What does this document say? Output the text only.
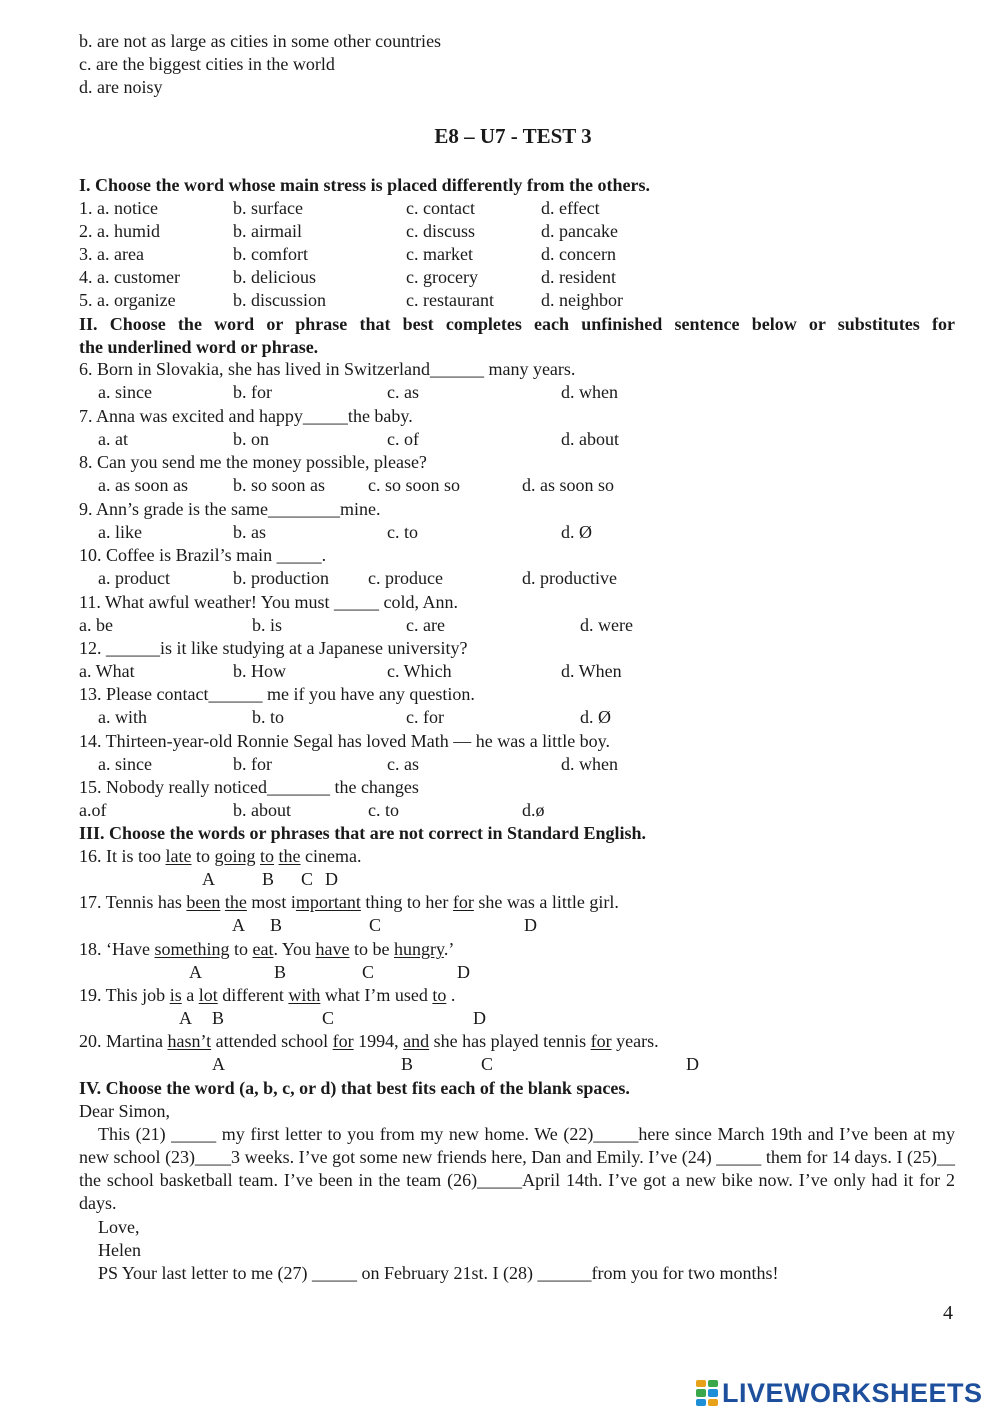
b. are not as large as cities in some other countries
c. are the biggest cities in the world
d. are noisy
E8 – U7 - TEST 3
I. Choose the word whose main stress is placed differently from the others.
1. a. notice	b. surface	c. contact	d. effect
2. a. humid	b. airmail	c. discuss	d. pancake
3. a. area	b. comfort	c. market	d. concern
4. a. customer	b. delicious	c. grocery	d. resident
5. a. organize	b. discussion	c. restaurant	d. neighbor
II. Choose the word or phrase that best completes each unfinished sentence below or substitutes for
the underlined word or phrase.
6. Born in Slovakia, she has lived in Switzerland______ many years.
a. since	b. for	c. as	d. when
7. Anna was excited and happy_____the baby.
a. at	b. on	c. of	d. about
8. Can you send me the money possible, please?
a. as soon as	b. so soon as c. so soon so	d. as soon so
9. Ann’s grade is the same________mine.
a. like	b. as	c. to	d. Ø
10. Coffee is Brazil’s main _____.
a. product	b. production c. produce	d. productive
11. What awful weather! You must _____ cold, Ann.
a. be	b. is	c. are	d. were
12. ______is it like studying at a Japanese university?
a. What	b. How	c. Which	d. When
13. Please contact______ me if you have any question.
a. with	b. to	c. for	d. Ø
14. Thirteen-year-old Ronnie Segal has loved Math — he was a little boy.
a. since	b. for	c. as	d. when
15. Nobody really noticed_______ the changes
a.of	b. about	c. to	d.ø
III. Choose the words or phrases that are not correct in Standard English.
16. It is too late to going to the cinema.
A	B C D
17. Tennis has been the most important thing to her for she was a little girl.
A B	C	D
18. ‘Have something to eat. You have to be hungry.’
A	B	C	D
19. This job is a lot different with what I’m used to .
A B	C	D
20. Martina hasn’t attended school for 1994, and she has played tennis for years.
A	B	C	D
IV. Choose the word (a, b, c, or d) that best fits each of the blank spaces.
Dear Simon,
This (21) _____ my first letter to you from my new home. We (22)_____here since March 19th and I’ve been at my new school (23)____3 weeks. I’ve got some new friends here, Dan and Emily. I’ve (24) _____ them for 14 days. I (25)__ the school basketball team. I’ve been in the team (26)_____April 14th. I’ve got a new bike now. I’ve only had it for 2 days.
Love,
Helen
PS Your last letter to me (27) _____ on February 21st. I (28) ______from you for two months!
4
LIVEWORKSHEETS
